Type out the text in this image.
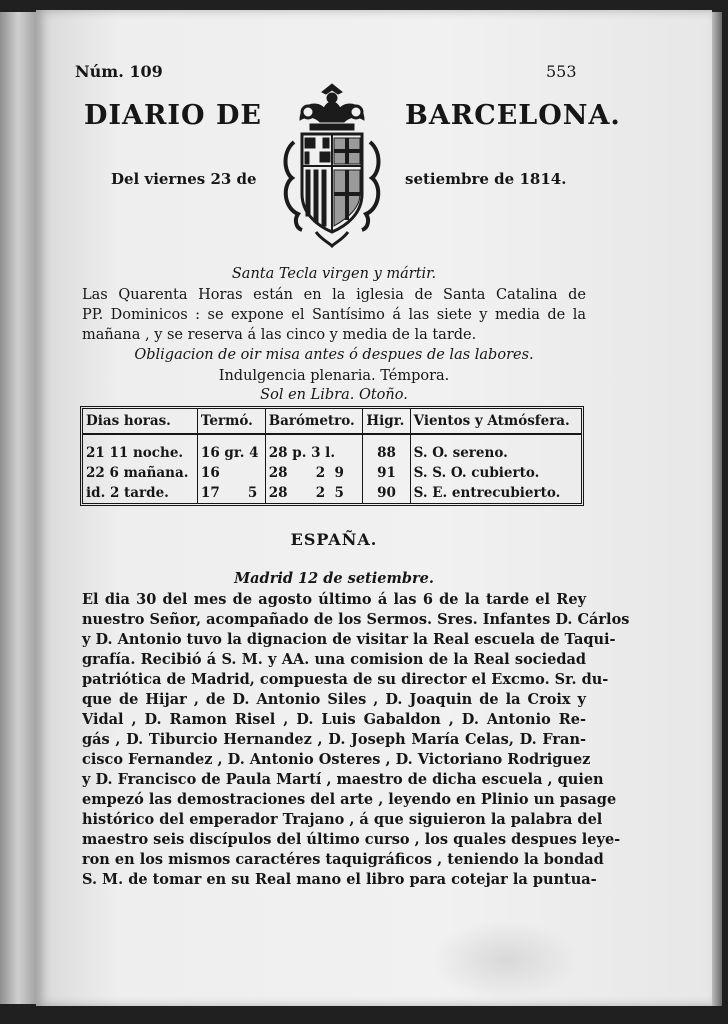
Núm. 109	553
DIARIO DE	BARCELONA.
Del viernes 23 de	setiembre de 1814.
Santa Tecla virgen y mártir.
Las Quarenta Horas están en la iglesia de Santa Catalina de
PP. Dominicos : se expone el Santísimo á las siete y media de la
mañana , y se reserva á las cinco y media de la tarde.
Obligacion de oir misa antes ó despues de las labores.
Indulgencia plenaria. Témpora.
Sol en Libra. Otoño.
Dias horas.	Termó.	Barómetro.	Higr.	Vientos y Atmósfera.
21 11 noche.	16 gr. 4	28 p. 3 l.	88	S. O. sereno.
22 6 mañana.	16	28      2  9	91	S. S. O. cubierto.
id. 2 tarde.	17      5	28      2  5	90	S. E. entrecubierto.
ESPAÑA.
Madrid 12 de setiembre.
El dia 30 del mes de agosto último á las 6 de la tarde el Rey
nuestro Señor, acompañado de los Sermos. Sres. Infantes D. Cárlos
y D. Antonio tuvo la dignacion de visitar la Real escuela de Taqui-
grafía. Recibió á S. M. y AA. una comision de la Real sociedad
patriótica de Madrid, compuesta de su director el Excmo. Sr. du-
que de Hijar , de D. Antonio Siles , D. Joaquin de la Croix y
Vidal , D. Ramon Risel , D. Luis Gabaldon , D. Antonio Re-
gás , D. Tiburcio Hernandez , D. Joseph María Celas, D. Fran-
cisco Fernandez , D. Antonio Osteres , D. Victoriano Rodriguez
y D. Francisco de Paula Martí , maestro de dicha escuela , quien
empezó las demostraciones del arte , leyendo en Plinio un pasage
histórico del emperador Trajano , á que siguieron la palabra del
maestro seis discípulos del último curso , los quales despues leye-
ron en los mismos caractéres taquigráficos , teniendo la bondad
S. M. de tomar en su Real mano el libro para cotejar la puntua-
